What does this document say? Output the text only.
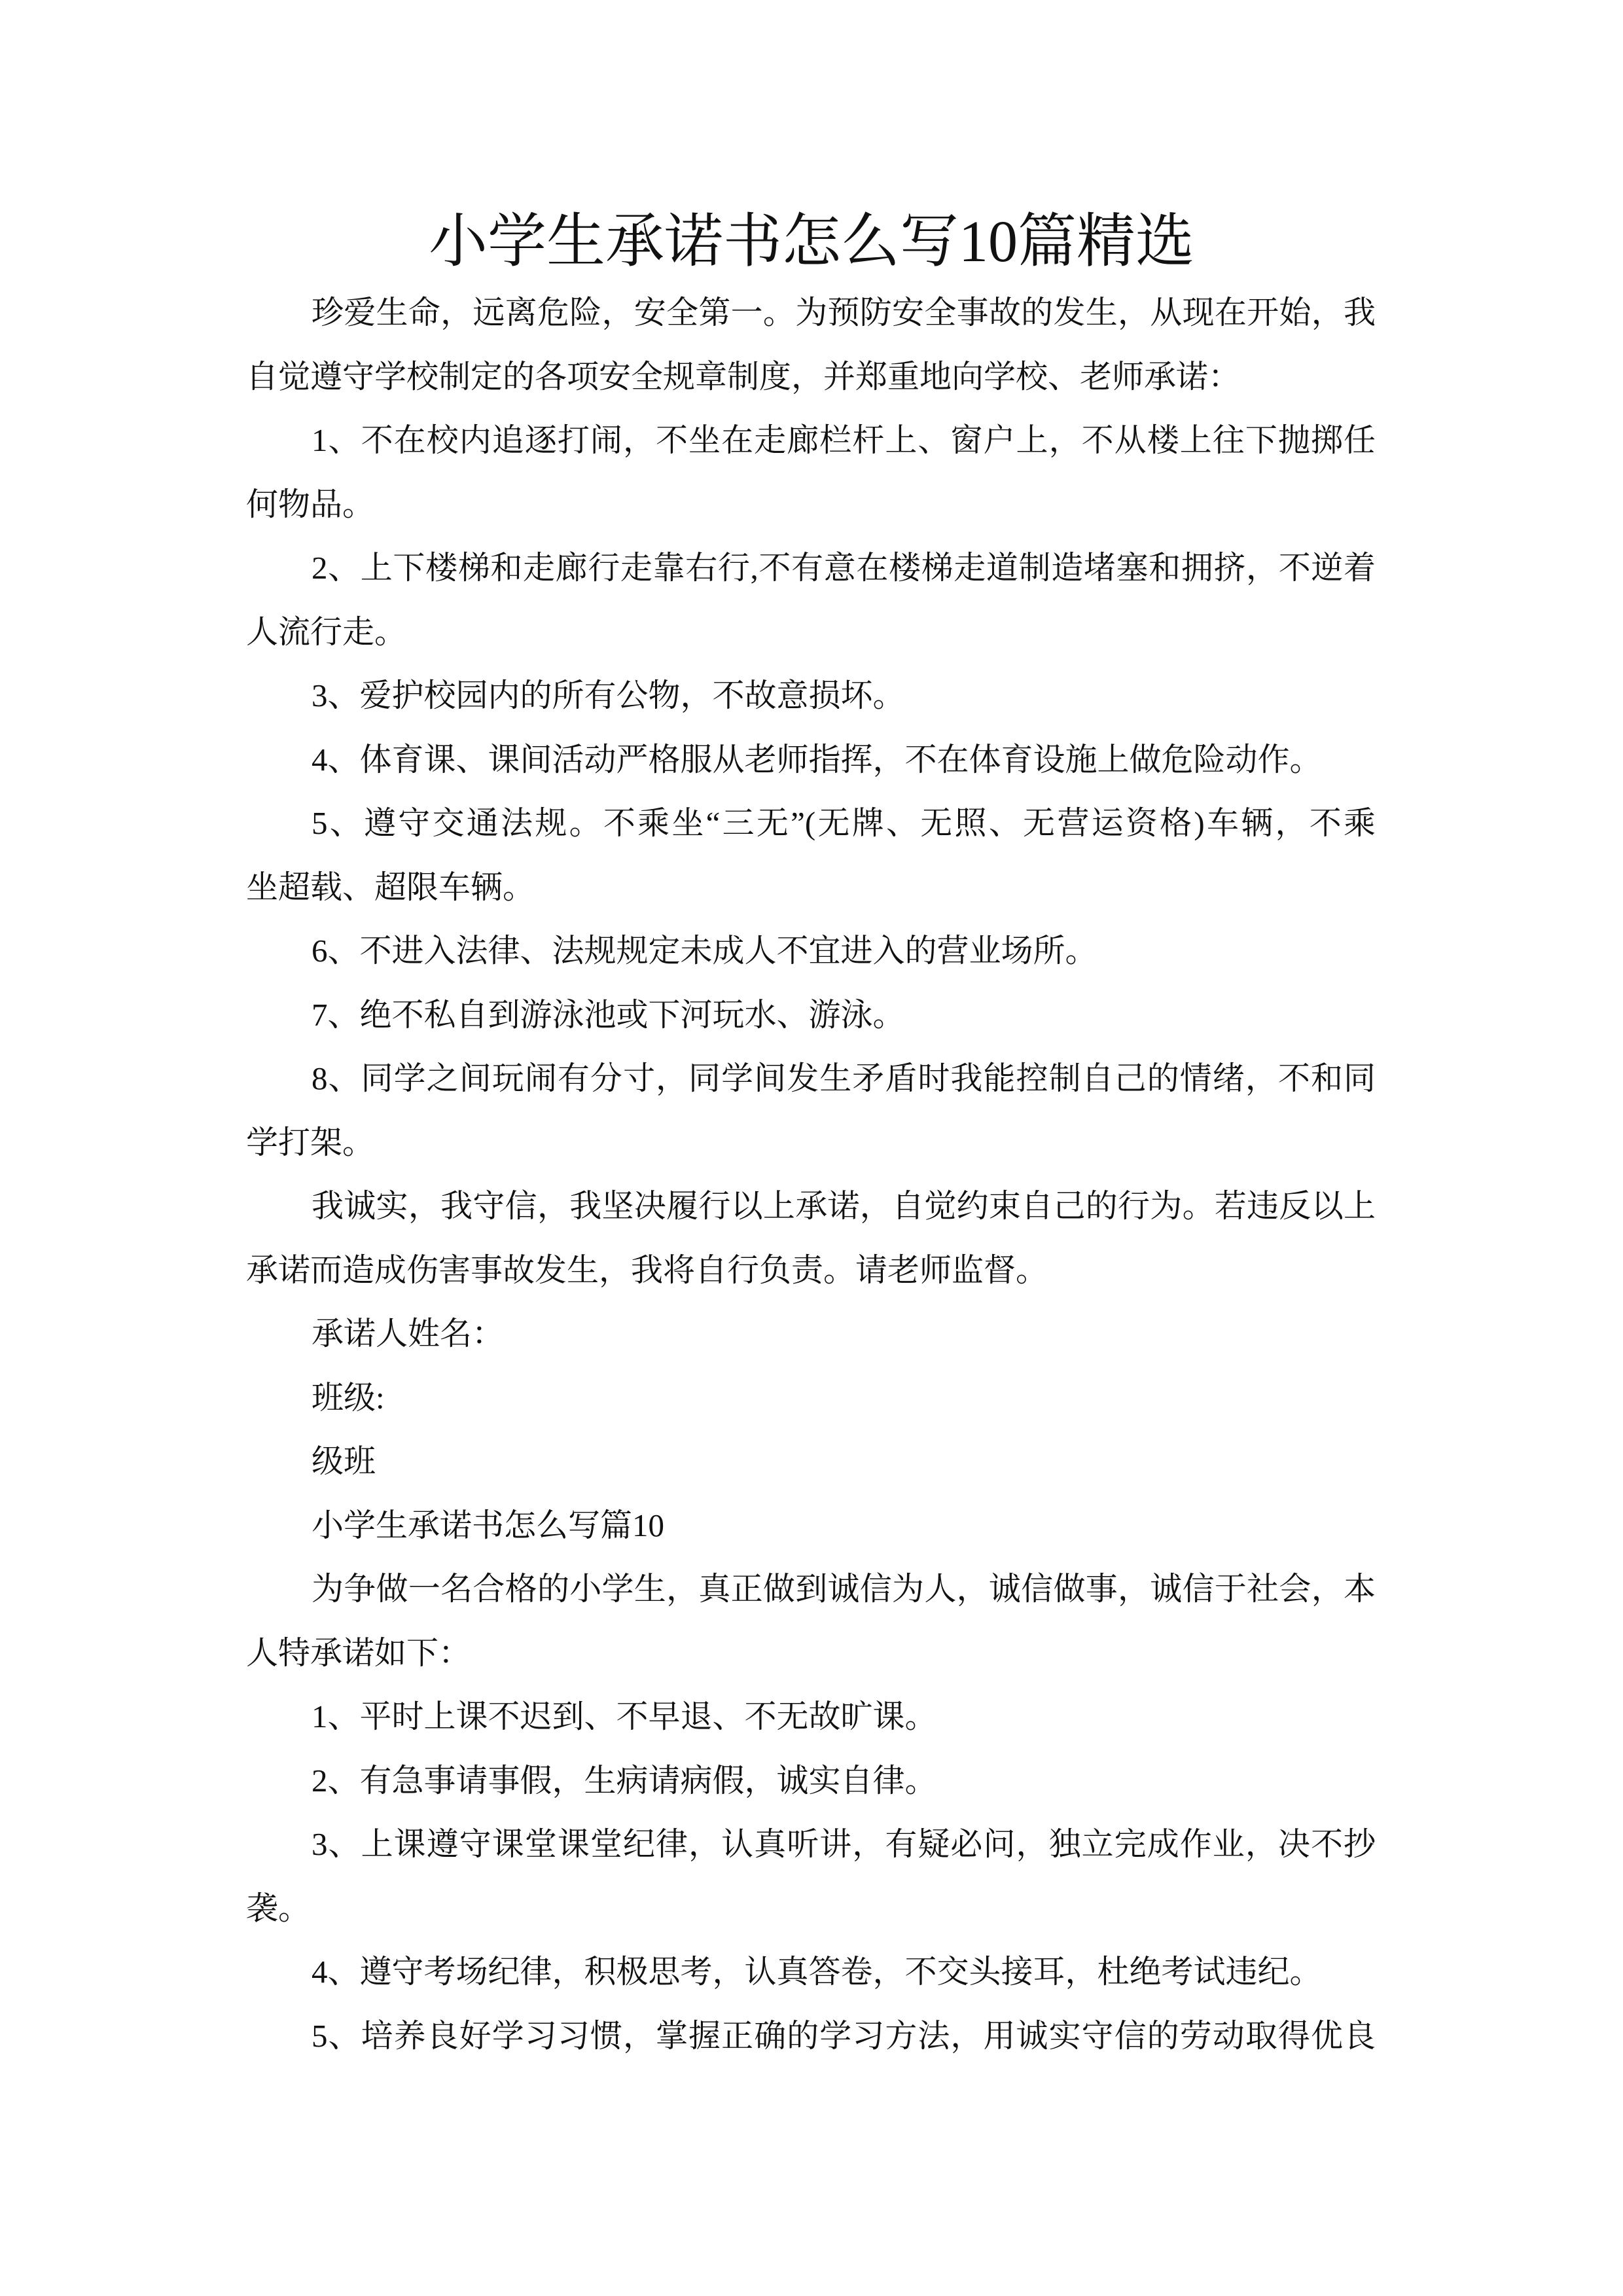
小学生承诺书怎么写10篇精选
珍爱生命，远离危险，安全第一。为预防安全事故的发生，从现在开始，我
自觉遵守学校制定的各项安全规章制度，并郑重地向学校、老师承诺：
1、不在校内追逐打闹，不坐在走廊栏杆上、窗户上，不从楼上往下抛掷任
何物品。
2、上下楼梯和走廊行走靠右行,不有意在楼梯走道制造堵塞和拥挤，不逆着
人流行走。
3、爱护校园内的所有公物，不故意损坏。
4、体育课、课间活动严格服从老师指挥，不在体育设施上做危险动作。
5、遵守交通法规。不乘坐“三无”(无牌、无照、无营运资格)车辆，不乘
坐超载、超限车辆。
6、不进入法律、法规规定未成人不宜进入的营业场所。
7、绝不私自到游泳池或下河玩水、游泳。
8、同学之间玩闹有分寸，同学间发生矛盾时我能控制自己的情绪，不和同
学打架。
我诚实，我守信，我坚决履行以上承诺，自觉约束自己的行为。若违反以上
承诺而造成伤害事故发生，我将自行负责。请老师监督。
承诺人姓名：
班级:
级班
小学生承诺书怎么写篇10
为争做一名合格的小学生，真正做到诚信为人，诚信做事，诚信于社会，本
人特承诺如下：
1、平时上课不迟到、不早退、不无故旷课。
2、有急事请事假，生病请病假，诚实自律。
3、上课遵守课堂课堂纪律，认真听讲，有疑必问，独立完成作业，决不抄
袭。
4、遵守考场纪律，积极思考，认真答卷，不交头接耳，杜绝考试违纪。
5、培养良好学习习惯，掌握正确的学习方法，用诚实守信的劳动取得优良
